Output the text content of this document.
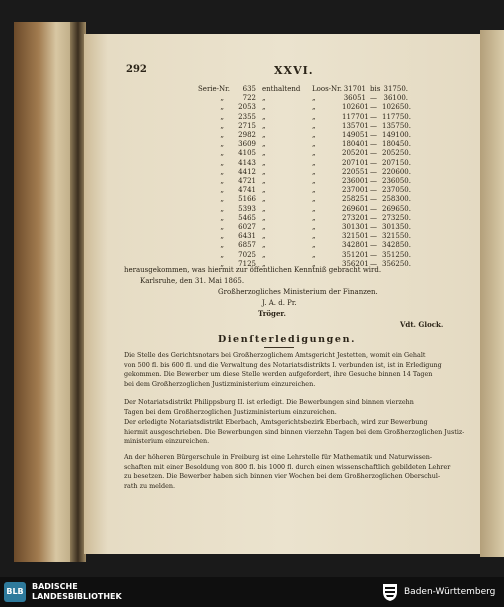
292	XXVI.
Serie-Nr.	635 enthaltend	Loos-Nr. 31701 bis 31750.
„	722 „	„	36051 — 36100.
„	2053 „	„	102601 — 102650.
„	2355 „	„	117701 — 117750.
„	2715 „	„	135701 — 135750.
„	2982 „	„	149051 — 149100.
„	3609 „	„	180401 — 180450.
„	4105 „	„	205201 — 205250.
„	4143 „	„	207101 — 207150.
„	4412 „	„	220551 — 220600.
„	4721 „	„	236001 — 236050.
„	4741 „	„	237001 — 237050.
„	5166 „	„	258251 — 258300.
„	5393 „	„	269601 — 269650.
„	5465 „	„	273201 — 273250.
„	6027 „	„	301301 — 301350.
„	6431 „	„	321501 — 321550.
„	6857 „	„	342801 — 342850.
„	7025 „	„	351201 — 351250.
„	7125 „	„	356201 — 356250.
herausgekommen, was hiermit zur öffentlichen Kenntniß gebracht wird.
Karlsruhe, den 31. Mai 1865.
Großherzogliches Ministerium der Finanzen.
J. A. d. Pr.
Tröger.
Vdt. Glock.
Dienſterledigungen.
Die Stelle des Gerichtsnotars bei Großherzoglichem Amtsgericht Jestetten, womit ein Gehalt
von 500 fl. bis 600 fl. und die Verwaltung des Notariatsdistrikts I. verbunden ist, ist in Erledigung
gekommen. Die Bewerber um diese Stelle werden aufgefordert, ihre Gesuche binnen 14 Tagen
bei dem Großherzoglichen Justizministerium einzureichen.
Der Notariatsdistrikt Philippsburg II. ist erledigt. Die Bewerbungen sind binnen vierzehn
Tagen bei dem Großherzoglichen Justizministerium einzureichen.
Der erledigte Notariatsdistrikt Eberbach, Amtsgerichtsbezirk Eberbach, wird zur Bewerbung
hiermit ausgeschrieben. Die Bewerbungen sind binnen vierzehn Tagen bei dem Großherzoglichen Justiz-
ministerium einzureichen.
An der höheren Bürgerschule in Freiburg ist eine Lehrstelle für Mathematik und Naturwissen-
schaften mit einer Besoldung von 800 fl. bis 1000 fl. durch einen wissenschaftlich gebildeten Lehrer
zu besetzen. Die Bewerber haben sich binnen vier Wochen bei dem Großherzoglichen Oberschul-
rath zu melden.
BLB
BADISCHE
LANDESBIBLIOTHEK	Baden-Württemberg
